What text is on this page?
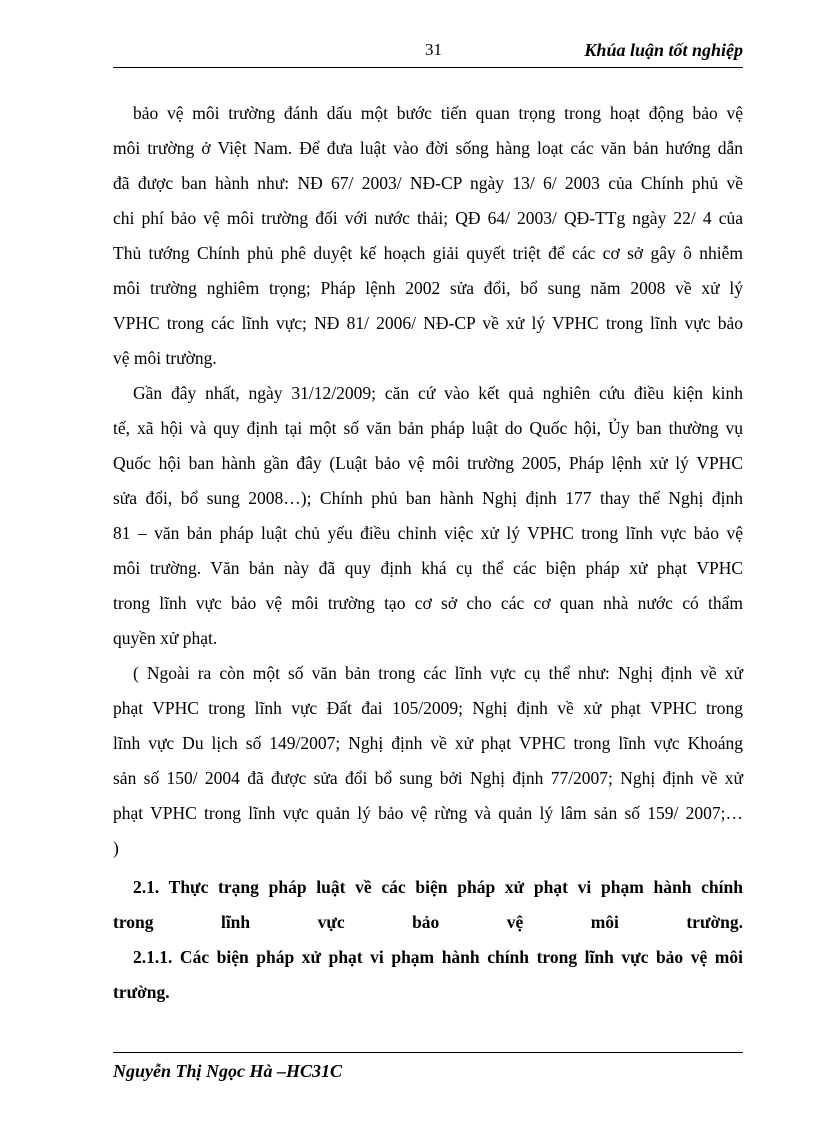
31	Khúa luận tốt nghiệp
bảo vệ môi trường đánh dấu một bước tiến quan trọng trong hoạt động bảo vệ
môi trường ở Việt Nam. Để đưa luật vào đời sống hàng loạt các văn bản hướng dẫn
đã được ban hành như: NĐ 67/ 2003/ NĐ-CP ngày 13/ 6/ 2003 của Chính phủ về
chi phí bảo vệ môi trường đối với nước thải; QĐ 64/ 2003/ QĐ-TTg ngày 22/ 4 của
Thủ tướng Chính phủ phê duyệt kế hoạch giải quyết triệt để các cơ sở gây ô nhiễm
môi trường nghiêm trọng; Pháp lệnh 2002 sửa đổi, bổ sung năm 2008 về xử lý
VPHC trong các lĩnh vực; NĐ 81/ 2006/ NĐ-CP về xử lý VPHC trong lĩnh vực bảo
vệ môi trường.
Gần đây nhất, ngày 31/12/2009; căn cứ vào kết quả nghiên cứu điều kiện kinh
tế, xã hội và quy định tại một số văn bản pháp luật do Quốc hội, Ủy ban thường vụ
Quốc hội ban hành gần đây (Luật bảo vệ môi trường 2005, Pháp lệnh xử lý VPHC
sửa đổi, bổ sung 2008…); Chính phủ ban hành Nghị định 177 thay thế Nghị định
81 – văn bản pháp luật chủ yếu điều chỉnh việc xử lý VPHC trong lĩnh vực bảo vệ
môi trường. Văn bản này đã quy định khá cụ thể các biện pháp xử phạt VPHC
trong lĩnh vực bảo vệ môi trường tạo cơ sở cho các cơ quan nhà nước có thẩm
quyền xử phạt.
( Ngoài ra còn một số văn bản trong các lĩnh vực cụ thể như: Nghị định về xử
phạt VPHC trong lĩnh vực Đất đai 105/2009; Nghị định về xử phạt VPHC trong
lĩnh vực Du lịch số 149/2007; Nghị định về xử phạt VPHC trong lĩnh vực Khoáng
sản số 150/ 2004 đã được sửa đổi bổ sung bởi Nghị định 77/2007; Nghị định về xử
phạt VPHC trong lĩnh vực quản lý bảo vệ rừng và quản lý lâm sản số 159/ 2007;…
)
2.1. Thực trạng pháp luật về các biện pháp xử phạt vi phạm hành chính
trong lĩnh vực bảo vệ môi trường.
2.1.1. Các biện pháp xử phạt vi phạm hành chính trong lĩnh vực bảo vệ môi
trường.
Nguyễn Thị Ngọc Hà –HC31C
